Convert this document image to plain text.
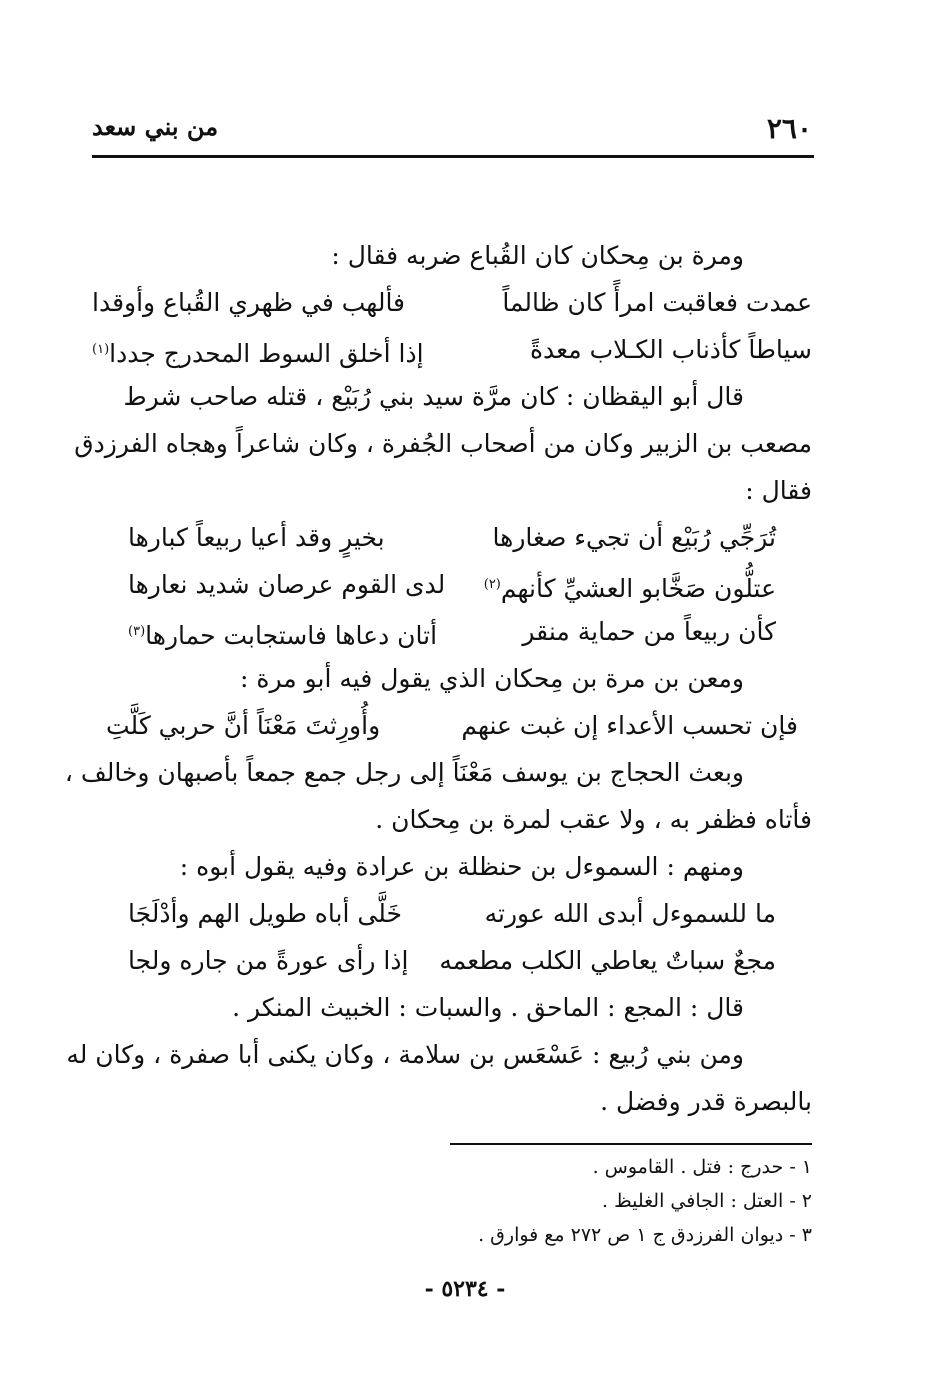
٢٦٠
من بني سعد
ومرة بن مِحكان كان القُباع ضربه فقال :
عمدت فعاقبت امرأً كان ظالماً
فألهب في ظهري القُباع وأوقدا
سياطاً كأذناب الكـلاب معدةً
إذا أخلق السوط المحدرج جددا$^{(١)}$
قال أبو اليقظان : كان مرَّة سيد بني رُبَيْع ، قتله صاحب شرط
مصعب بن الزبير وكان من أصحاب الجُفرة ، وكان شاعراً وهجاه الفرزدق
فقال :
تُرَجِّي رُبَيْع أن تجيء صغارها
بخيرٍ وقد أعيا ربيعاً كبارها
عتلُّون صَخَّابو العشيِّ كأنهم$^{(٢)}$
لدى القوم عرصان شديد نعارها
كأن ربيعاً من حماية منقر
أتان دعاها فاستجابت حمارها$^{(٣)}$
ومعن بن مرة بن مِحكان الذي يقول فيه أبو مرة :
فإن تحسب الأعداء إن غبت عنهم
وأُورِثتَ مَعْنَاً أنَّ حربي كَلَّتِ
وبعث الحجاج بن يوسف مَعْنَاً إلى رجل جمع جمعاً بأصبهان وخالف ،
فأتاه فظفر به ، ولا عقب لمرة بن مِحكان .
ومنهم : السموءل بن حنظلة بن عرادة وفيه يقول أبوه :
ما للسموءل أبدى الله عورته
خَلَّى أباه طويل الهم وأدْلَجَا
مجعٌ سباتٌ يعاطي الكلب مطعمه
إذا رأى عورةً من جاره ولجا
قال : المجع : الماحق . والسبات : الخبيث المنكر .
ومن بني رُبيع : عَسْعَس بن سلامة ، وكان يكنى أبا صفرة ، وكان له
بالبصرة قدر وفضل .
١ - حدرج : فتل . القاموس .
٢ - العتل : الجافي الغليظ .
٣ - ديوان الفرزدق ج ١ ص ٢٧٢ مع فوارق .
- ٥٢٣٤ -
